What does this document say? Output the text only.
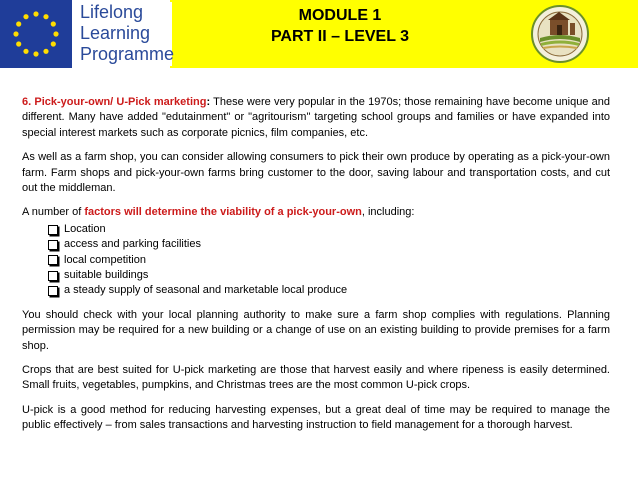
Lifelong
Learning
Programme
MODULE 1
PART II – LEVEL 3

6. Pick-your-own/ U-Pick marketing: These were very popular in the 1970s; those remaining have become unique and different. Many have added "edutainment" or "agritourism" targeting school groups and families or have expanded into special interest markets such as corporate picnics, film companies, etc.

As well as a farm shop, you can consider allowing consumers to pick their own produce by operating as a pick-your-own farm. Farm shops and pick-your-own farms bring customer to the door, saving labour and transportation costs, and cut out the middleman.

A number of factors will determine the viability of a pick-your-own, including:

Location
access and parking facilities
local competition
suitable buildings
a steady supply of seasonal and marketable local produce

You should check with your local planning authority to make sure a farm shop complies with regulations. Planning permission may be required for a new building or a change of use on an existing building to provide premises for a farm shop.

Crops that are best suited for U-pick marketing are those that harvest easily and where ripeness is easily determined. Small fruits, vegetables, pumpkins, and Christmas trees are the most common U-pick crops.

U-pick is a good method for reducing harvesting expenses, but a great deal of time may be required to manage the public effectively – from sales transactions and harvesting instruction to field management for a thorough harvest.
